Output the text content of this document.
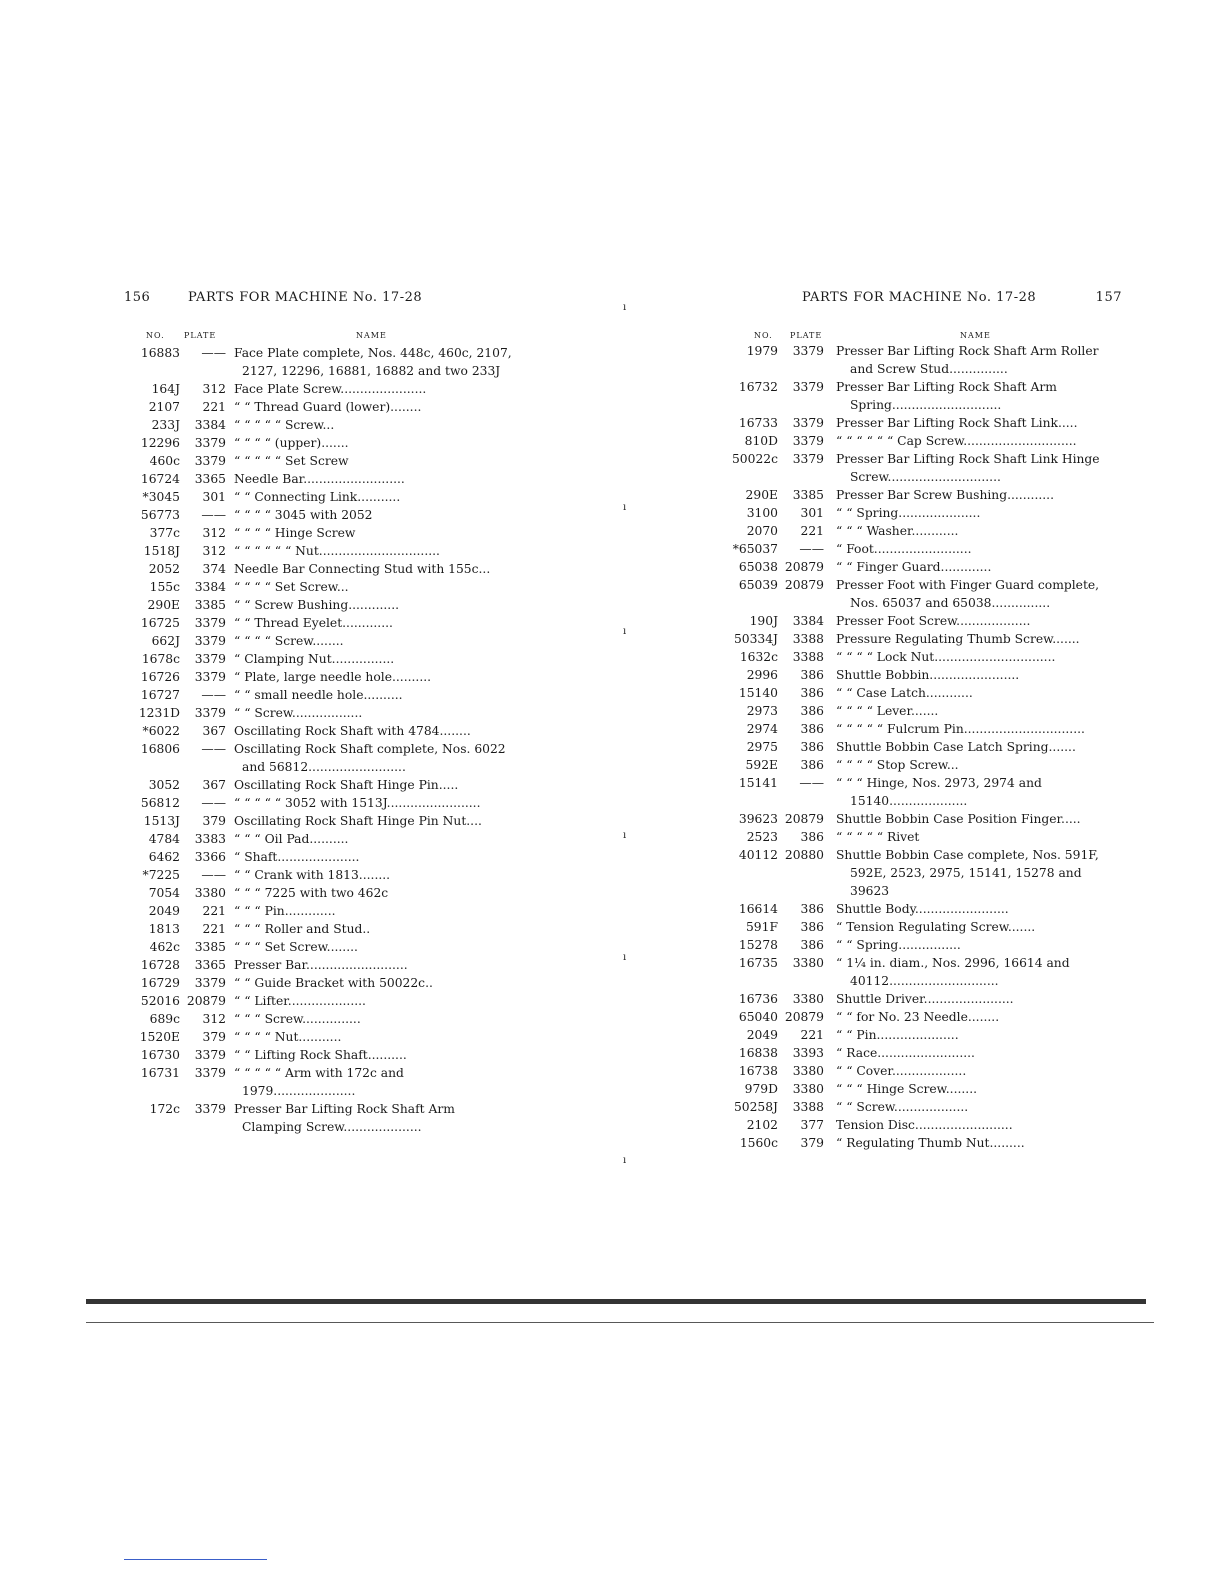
156	PARTS FOR MACHINE No. 17-28
NO. PLATE	NAME
16883	—— Face Plate complete, Nos. 448c, 460c, 2107, 2127, 12296, 16881, 16882 and two 233J
164J	312 Face Plate Screw......................
2107	221 “ “ Thread Guard (lower)........
233J	3384 “ “ “ “ “ Screw...
12296	3379 “ “ “ “ (upper).......
460c	3379 “ “ “ “ “ Set Screw
16724	3365 Needle Bar..........................
*3045	301 “ “ Connecting Link...........
56773	—— “ “ “ “ 3045 with 2052
377c	312 “ “ “ “ Hinge Screw
1518J	312 “ “ “ “ “ “ Nut...............................
2052	374 Needle Bar Connecting Stud with 155c...
155c	3384 “ “ “ “ Set Screw...
290E	3385 “ “ Screw Bushing.............
16725	3379 “ “ Thread Eyelet.............
662J	3379 “ “ “ “ Screw........
1678c	3379 “ Clamping Nut................
16726	3379 “ Plate, large needle hole..........
16727	—— “ “ small needle hole..........
1231D	3379 “ “ Screw..................
*6022	367 Oscillating Rock Shaft with 4784........
16806	—— Oscillating Rock Shaft complete, Nos. 6022 and 56812.........................
3052	367 Oscillating Rock Shaft Hinge Pin.....
56812	—— “ “ “ “ “ 3052 with 1513J........................
1513J	379 Oscillating Rock Shaft Hinge Pin Nut....
4784	3383 “ “ “ Oil Pad..........
6462	3366 “ Shaft.....................
*7225	—— “ “ Crank with 1813........
7054	3380 “ “ “ 7225 with two 462c
2049	221 “ “ “ Pin.............
1813	221 “ “ “ Roller and Stud..
462c	3385 “ “ “ Set Screw........
16728	3365 Presser Bar..........................
16729	3379 “ “ Guide Bracket with 50022c..
52016 20879 “ “ Lifter....................
689c	312 “ “ “ Screw...............
1520E	379 “ “ “ “ Nut...........
16730	3379 “ “ Lifting Rock Shaft..........
16731	3379 “ “ “ “ “ Arm with 172c and 1979.....................
172c	3379 Presser Bar Lifting Rock Shaft Arm Clamping Screw....................
PARTS FOR MACHINE No. 17-28	157
NO. PLATE	NAME
1979	3379 Presser Bar Lifting Rock Shaft Arm Roller and Screw Stud...............
16732	3379 Presser Bar Lifting Rock Shaft Arm Spring............................
16733	3379 Presser Bar Lifting Rock Shaft Link.....
810D	3379 “ “ “ “ “ “ Cap Screw.............................
50022c	3379 Presser Bar Lifting Rock Shaft Link Hinge Screw.............................
290E	3385 Presser Bar Screw Bushing............
3100	301 “ “ Spring.....................
2070	221 “ “ “ Washer............
*65037	—— “ Foot.........................
65038 20879 “ “ Finger Guard.............
65039 20879 Presser Foot with Finger Guard complete, Nos. 65037 and 65038...............
190J	3384 Presser Foot Screw...................
50334J	3388 Pressure Regulating Thumb Screw.......
1632c	3388 “ “ “ “ Lock Nut...............................
2996	386 Shuttle Bobbin.......................
15140	386 “ “ Case Latch............
2973	386 “ “ “ “ Lever.......
2974	386 “ “ “ “ “ Fulcrum Pin...............................
2975	386 Shuttle Bobbin Case Latch Spring.......
592E	386 “ “ “ “ Stop Screw...
15141	—— “ “ “ Hinge, Nos. 2973, 2974 and 15140....................
39623 20879 Shuttle Bobbin Case Position Finger.....
2523	386 “ “ “ “ “ Rivet
40112 20880 Shuttle Bobbin Case complete, Nos. 591F, 592E, 2523, 2975, 15141, 15278 and 39623
16614	386 Shuttle Body........................
591F	386 “ Tension Regulating Screw.......
15278	386 “ “ Spring................
16735	3380 “ 1¼ in. diam., Nos. 2996, 16614 and 40112............................
16736	3380 Shuttle Driver.......................
65040 20879 “ “ for No. 23 Needle........
2049	221 “ “ Pin.....................
16838	3393 “ Race.........................
16738	3380 “ “ Cover...................
979D	3380 “ “ “ Hinge Screw........
50258J	3388 “ “ Screw...................
2102	377 Tension Disc.........................
1560c	379 “ Regulating Thumb Nut.........
ı
ı
ı
ı
ı
ı
